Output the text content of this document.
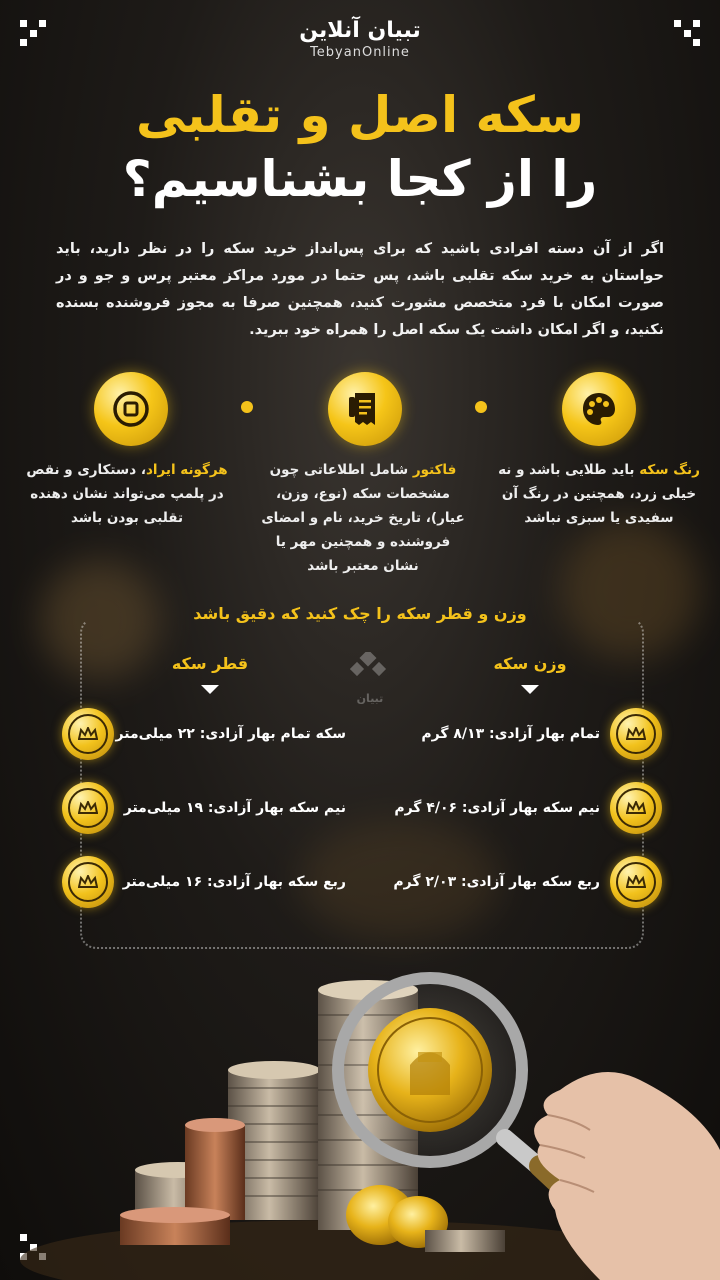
تبیان آنلاین
TebyanOnline
سکه اصل و تقلبی
را از کجا بشناسیم؟
اگر از آن دسته افرادی باشید که برای پس‌انداز خرید سکه را در نظر دارید، باید حواستان به خرید سکه تقلبی باشد، پس حتما در مورد مراکز معتبر پرس و جو و در صورت امکان با فرد متخصص مشورت کنید، همچنین صرفا به مجوز فروشنده بسنده نکنید، و اگر امکان داشت یک سکه اصل را همراه خود ببرید.
رنگ سکه باید طلایی باشد و نه خیلی زرد، همچنین در رنگ آن سفیدی یا سبزی نباشد
فاکتور شامل اطلاعاتی چون مشخصات سکه (نوع، وزن، عیار)، تاریخ خرید، نام و امضای فروشنده و همچنین مهر یا نشان معتبر باشد
هرگونه ایراد، دستکاری و نقص در پلمپ می‌تواند نشان دهنده تقلبی بودن باشد
وزن و قطر سکه را چک کنید که دقیق باشد
وزن سکه
قطر سکه
تبیان
تمام بهار آزادی: ۸/۱۳ گرم
نیم سکه بهار آزادی: ۴/۰۶ گرم
ربع سکه بهار آزادی: ۲/۰۳ گرم
سکه تمام بهار آزادی: ۲۲ میلی‌متر
نیم سکه بهار آزادی: ۱۹ میلی‌متر
ربع سکه بهار آزادی: ۱۶ میلی‌متر
